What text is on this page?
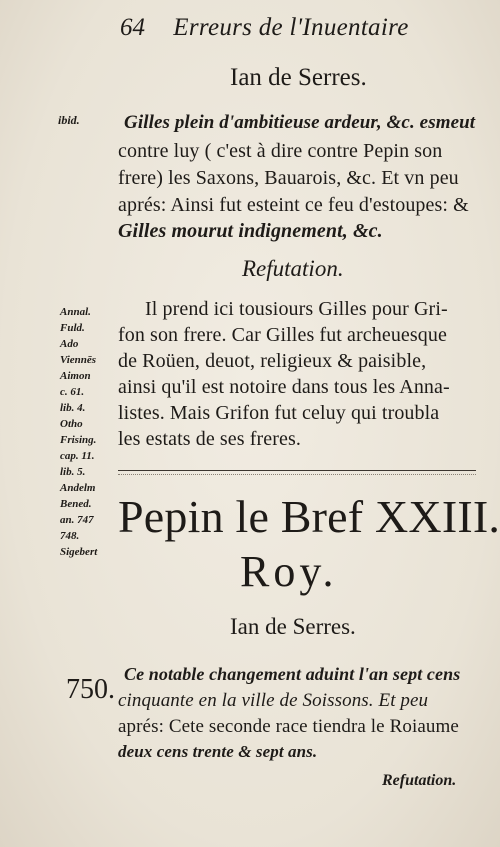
64 Erreurs de l'Inuentaire
Ian de Serres.
ibid. Gilles plein d'ambitieuse ardeur, &c. esmeut
contre luy ( c'est à dire contre Pepin son
frere) les Saxons, Bauarois, &c. Et vn peu
aprés: Ainsi fut esteint ce feu d'estoupes: &
Gilles mourut indignement, &c.
Refutation.
Annal.
Fuld.
Ado
Viennēs
Aimon
c. 61.
lib. 4.
Otho
Frising.
cap. 11.
lib. 5.
Andelm
Bened.
an. 747
748.
Sigebert
Il prend ici tousiours Gilles pour Gri-
fon son frere. Car Gilles fut archeuesque
de Roüen, deuot, religieux & paisible,
ainsi qu'il est notoire dans tous les Anna-
listes. Mais Grifon fut celuy qui troubla
les estats de ses freres.
Pepin le Bref XXIII.
Roy.
Ian de Serres.
750. Ce notable changement aduint l'an sept cens
cinquante en la ville de Soissons. Et peu
aprés: Cete seconde race tiendra le Roiaume
deux cens trente & sept ans.
Refutation.
